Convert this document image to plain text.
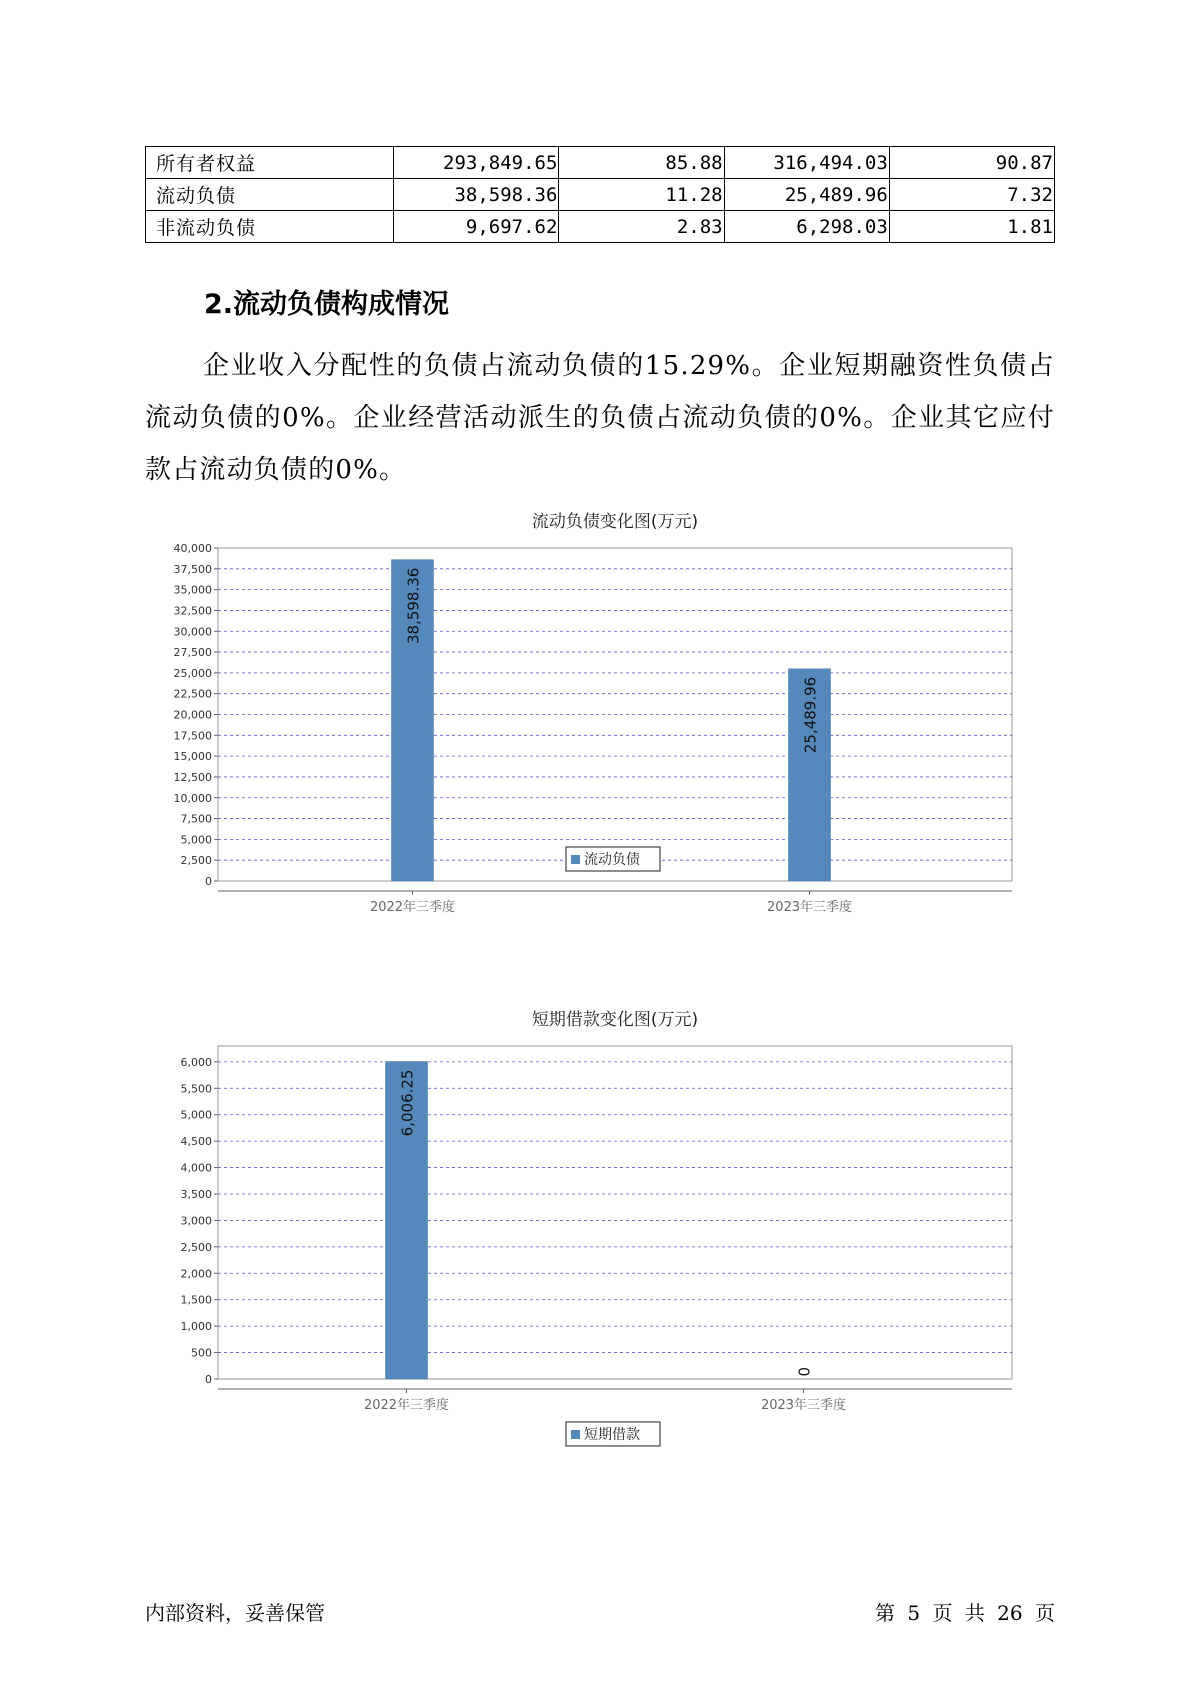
所有者权益	293,849.65	85.88	316,494.03	90.87
流动负债	38,598.36	11.28	25,489.96	7.32
非流动负债	9,697.62	2.83	6,298.03	1.81
2.流动负债构成情况

企业收入分配性的负债占流动负债的15.29%。企业短期融资性负债占流动负债的0%。企业经营活动派生的负债占流动负债的0%。企业其它应付款占流动负债的0%。

流动负债变化图(万元)
0
2,500
5,000
7,500
10,000
12,500
15,000
17,500
20,000
22,500
25,000
27,500
30,000
32,500
35,000
37,500
40,000
2022年三季度
38,598.36
2023年三季度
25,489.96
流动负债
短期借款变化图(万元)
0
500
1,000
1,500
2,000
2,500
3,000
3,500
4,000
4,500
5,000
5,500
6,000
2022年三季度
6,006.25
2023年三季度
0
短期借款
内部资料，妥善保管	第 5 页 共 26 页
